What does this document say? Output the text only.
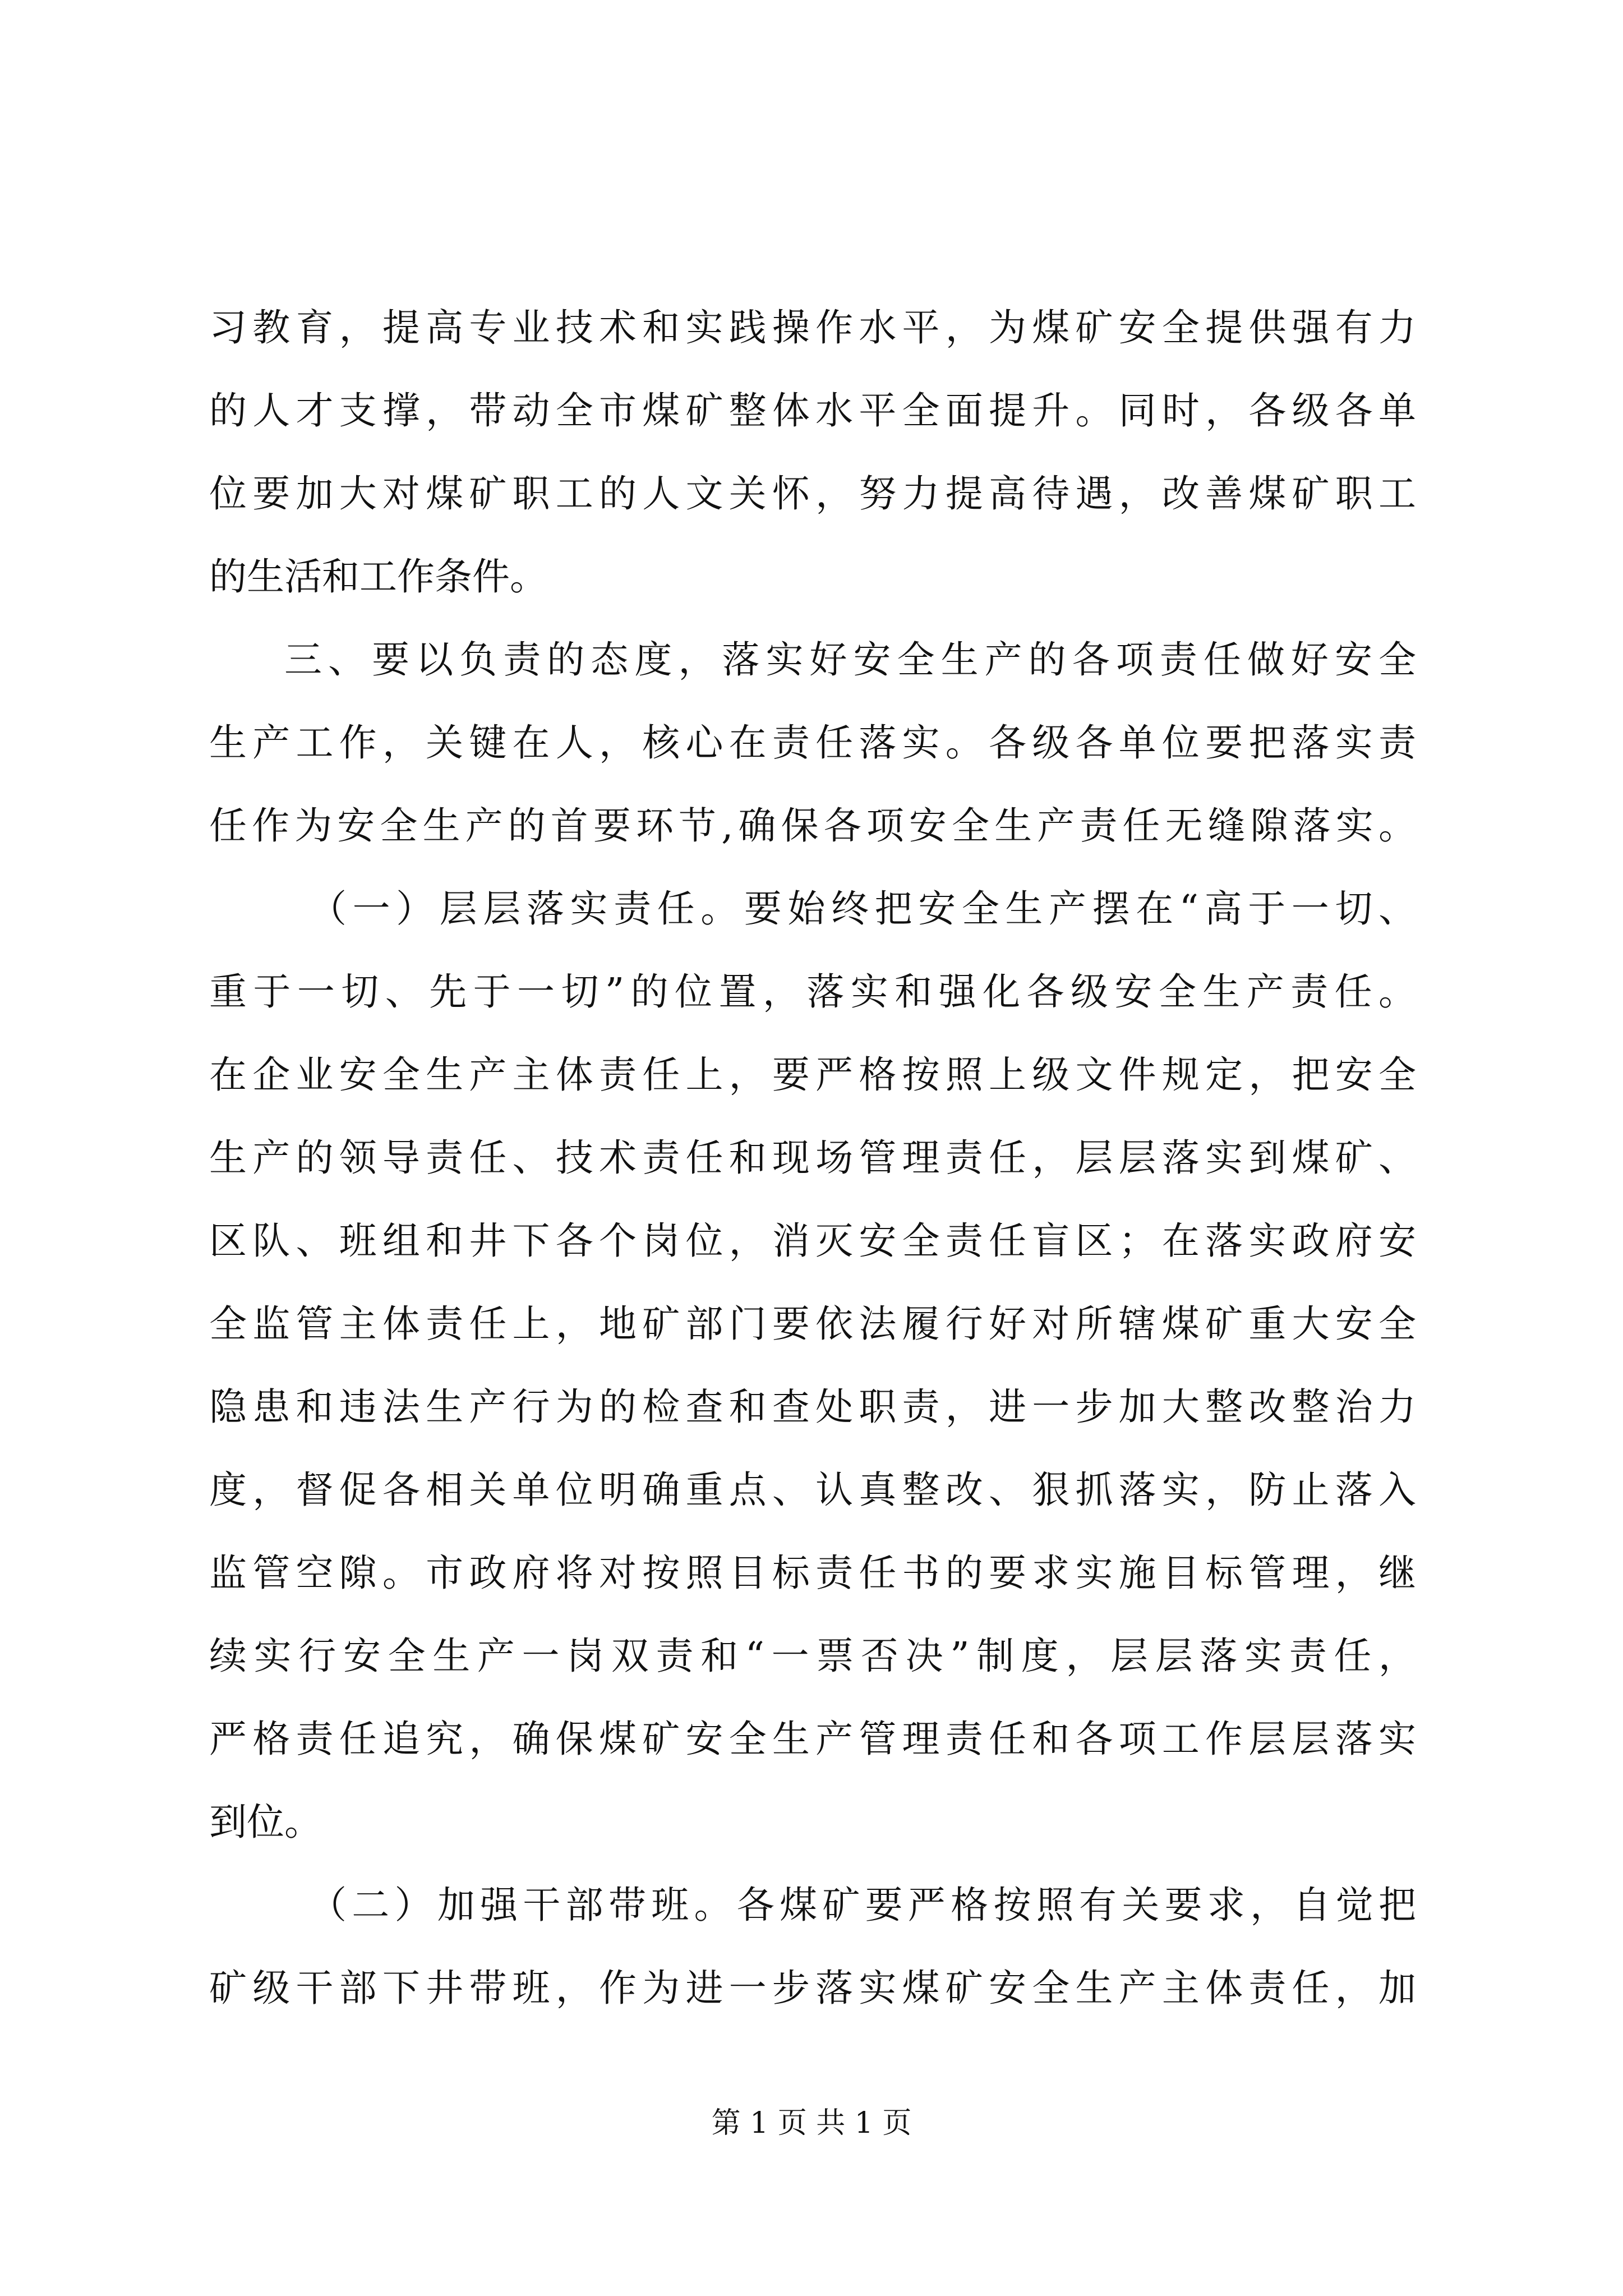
习教育，提高专业技术和实践操作水平，为煤矿安全提供强有力
的人才支撑，带动全市煤矿整体水平全面提升。同时，各级各单
位要加大对煤矿职工的人文关怀，努力提高待遇，改善煤矿职工
的生活和工作条件。
三、要以负责的态度，落实好安全生产的各项责任做好安全
生产工作，关键在人，核心在责任落实。各级各单位要把落实责
任作为安全生产的首要环节,确保各项安全生产责任无缝隙落实。
（一）层层落实责任。要始终把安全生产摆在“高于一切、
重于一切、先于一切”的位置，落实和强化各级安全生产责任。
在企业安全生产主体责任上，要严格按照上级文件规定，把安全
生产的领导责任、技术责任和现场管理责任，层层落实到煤矿、
区队、班组和井下各个岗位，消灭安全责任盲区；在落实政府安
全监管主体责任上，地矿部门要依法履行好对所辖煤矿重大安全
隐患和违法生产行为的检查和查处职责，进一步加大整改整治力
度，督促各相关单位明确重点、认真整改、狠抓落实，防止落入
监管空隙。市政府将对按照目标责任书的要求实施目标管理，继
续实行安全生产一岗双责和“一票否决”制度，层层落实责任，
严格责任追究，确保煤矿安全生产管理责任和各项工作层层落实
到位。
（二）加强干部带班。各煤矿要严格按照有关要求，自觉把
矿级干部下井带班，作为进一步落实煤矿安全生产主体责任，加
第 1 页 共 1 页
